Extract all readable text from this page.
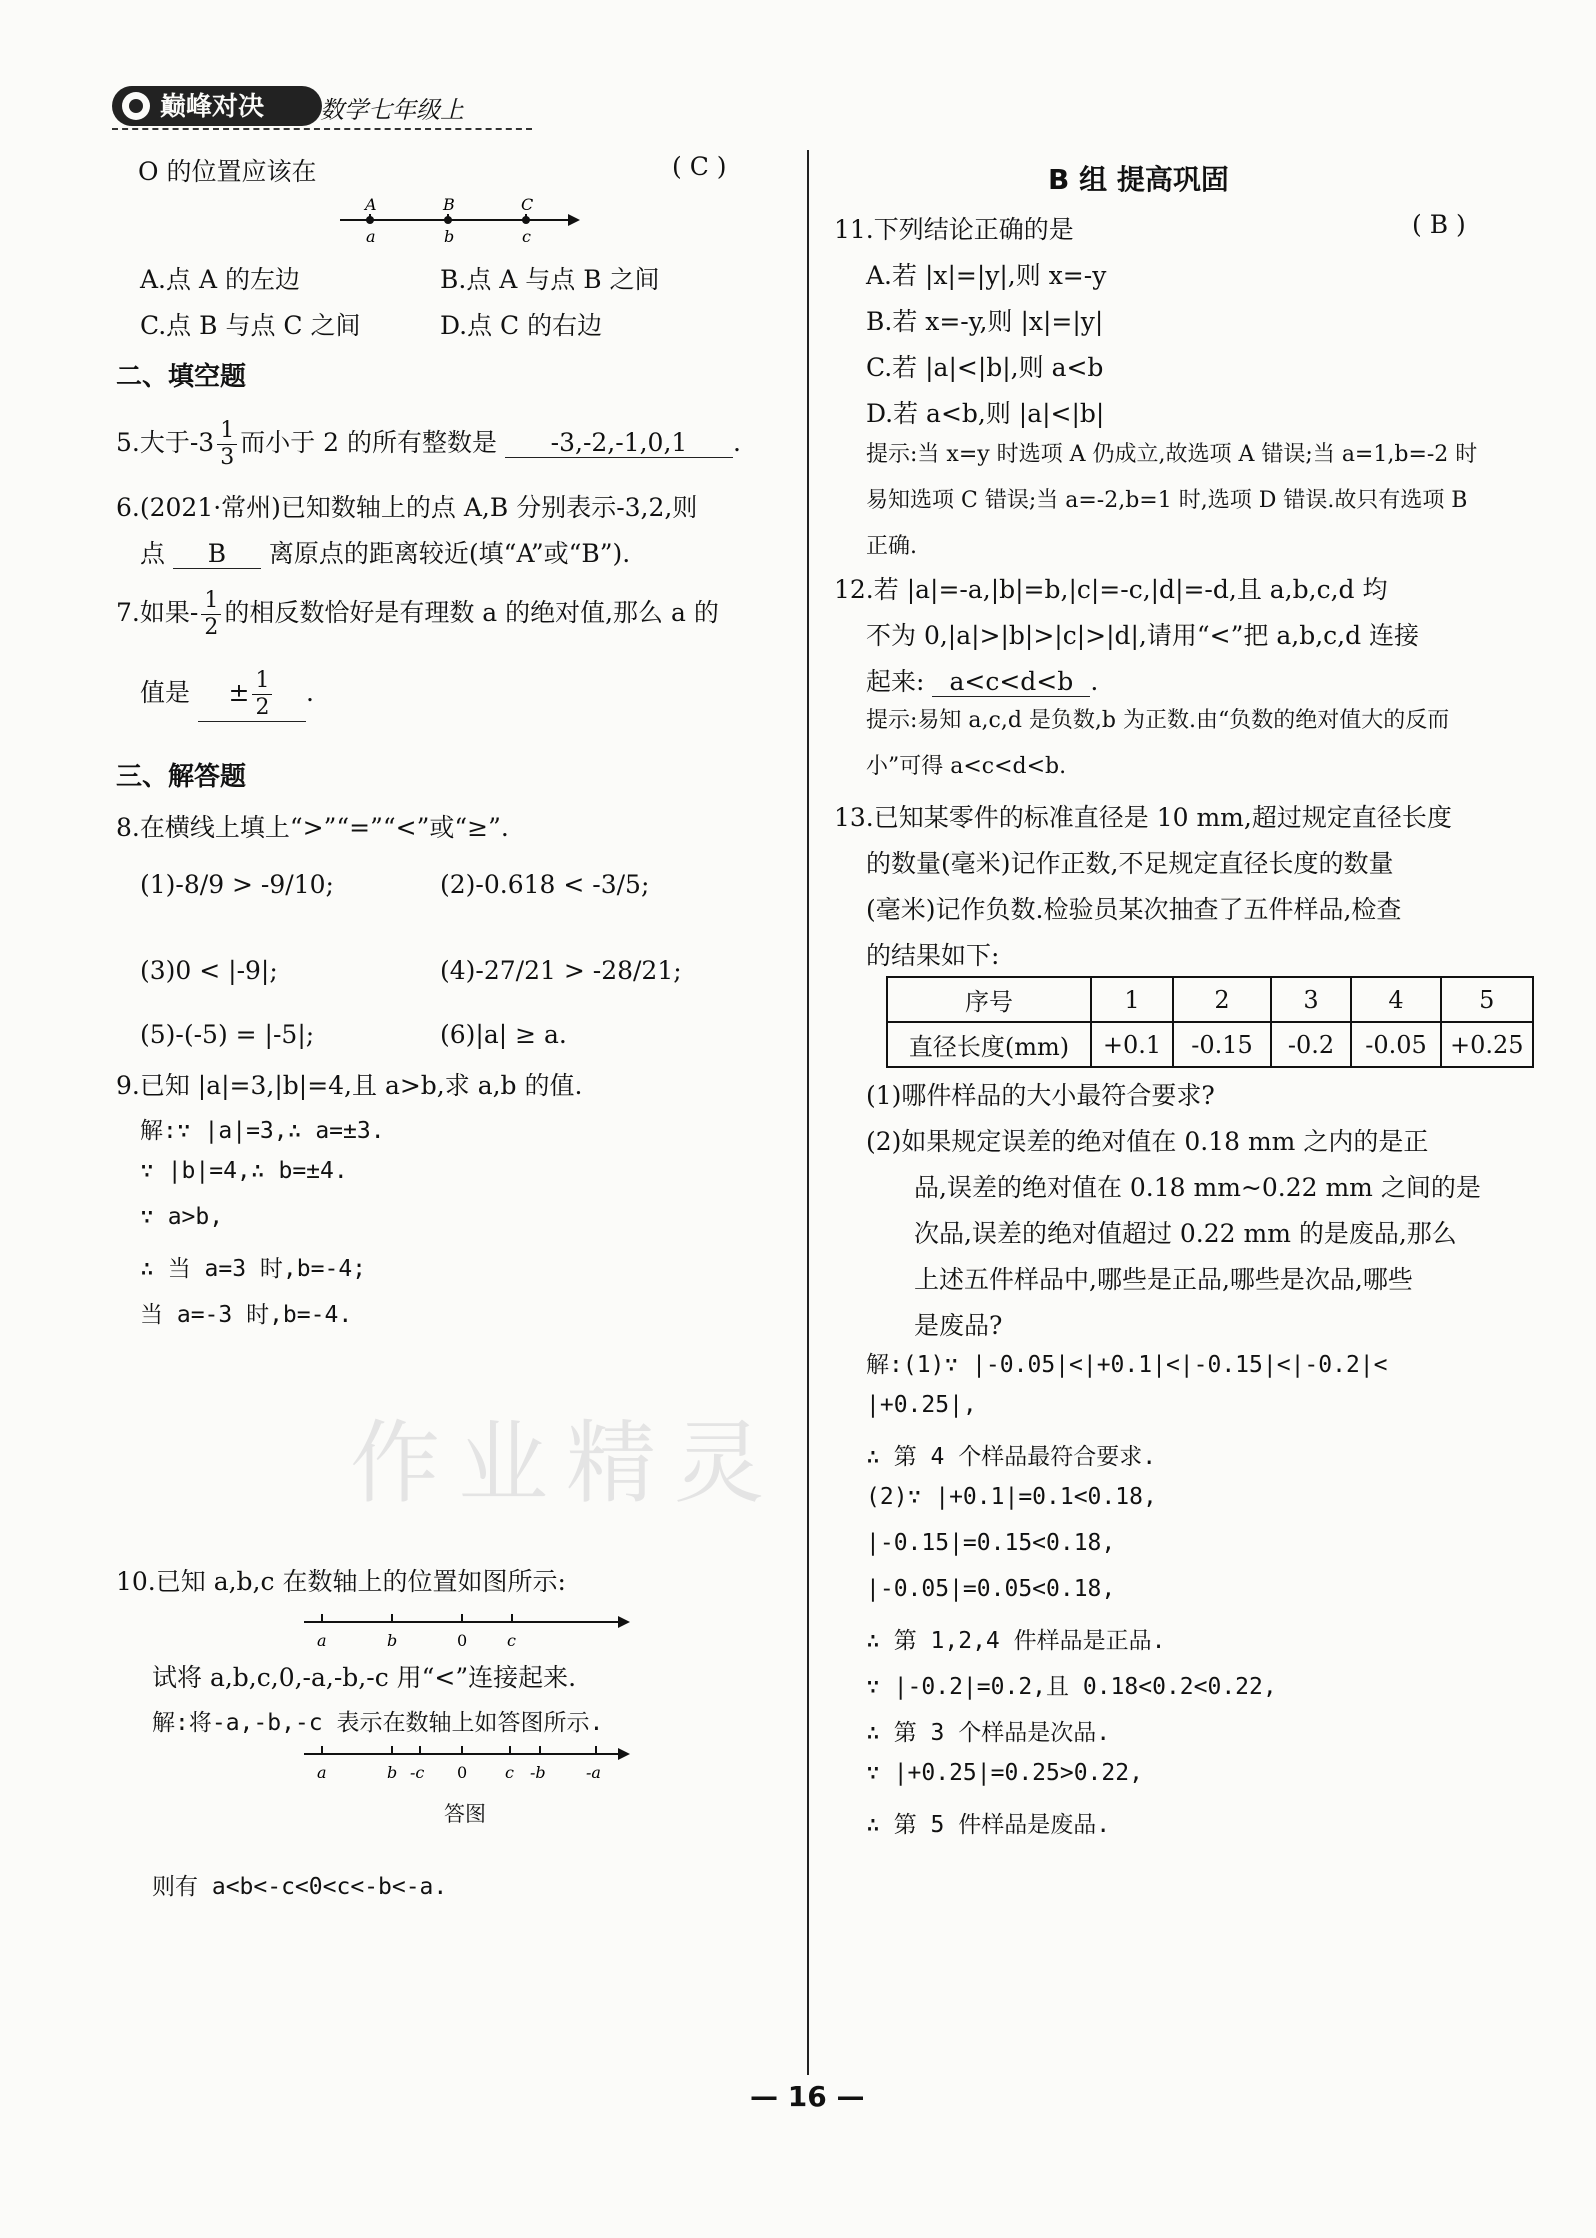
巅峰对决 数学七年级上
作业精灵
O 的位置应该在	( C )
A	B	C
a	b	c
A.点 A 的左边	B.点 A 与点 B 之间
C.点 B 与点 C 之间	D.点 C 的右边
二、填空题
5.大于$-3 \frac{1}{3}$ 而小于 2 的所有整数是 -3,-2,-1,0,1 .
6.(2021·常州)已知数轴上的点 A,B 分别表示-3,2,则
点 B 离原点的距离较近(填“A”或“B”).
7.如果- $\frac{1}{2}$ 的相反数恰好是有理数 a 的绝对值,那么 a 的
值是 ± $\frac{1}{2}$ .
三、解答题
8.在横线上填上“>”“=”“<”或“≥”.
(1)-8/9 > -9/10;	(2)-0.618 < -3/5;
(3)0 < |-9|;	(4)-27/21 > -28/21;
(5)-(-5) = |-5|;	(6)|a| ≥ a.
9.已知 |a|=3,|b|=4,且 a>b,求 a,b 的值.
解:∵ |a|=3,∴ a=±3.
∵ |b|=4,∴ b=±4.
∵ a>b,
∴ 当 a=3 时,b=-4;
当 a=-3 时,b=-4.
10.已知 a,b,c 在数轴上的位置如图所示:
a	b	0 c
试将 a,b,c,0,-a,-b,-c 用“<”连接起来.
解:将-a,-b,-c 表示在数轴上如答图所示.
a	b -c 0 c -b	-a
答图
则有 a<b<-c<0<c<-b<-a.
B 组 提高巩固
11.下列结论正确的是	( B )
A.若 |x|=|y|,则 x=-y
B.若 x=-y,则 |x|=|y|
C.若 |a|<|b|,则 a<b
D.若 a<b,则 |a|<|b|
提示:当 x=y 时选项 A 仍成立,故选项 A 错误;当 a=1,b=-2 时易知选项 C 错误;当 a=-2,b=1 时,选项 D 错误.故只有选项 B 正确.
12.若 |a|=-a,|b|=b,|c|=-c,|d|=-d,且 a,b,c,d 均
不为 0,|a|>|b|>|c|>|d|,请用“<”把 a,b,c,d 连接
起来: a<c<d<b .
提示:易知 a,c,d 是负数,b 为正数.由“负数的绝对值大的反而小”可得 a<c<d<b.
13.已知某零件的标准直径是 10 mm,超过规定直径长度
的数量(毫米)记作正数,不足规定直径长度的数量
(毫米)记作负数.检验员某次抽查了五件样品,检查
的结果如下:
序号	1	2	3	4	5
直径长度(mm)	+0.1	-0.15	-0.2	-0.05	+0.25
(1)哪件样品的大小最符合要求?
(2)如果规定误差的绝对值在 0.18 mm 之内的是正
品,误差的绝对值在 0.18 mm~0.22 mm 之间的是
次品,误差的绝对值超过 0.22 mm 的是废品,那么
上述五件样品中,哪些是正品,哪些是次品,哪些
是废品?
解:(1)∵ |-0.05|<|+0.1|<|-0.15|<|-0.2|<
|+0.25|,
∴ 第 4 个样品最符合要求.
(2)∵ |+0.1|=0.1<0.18,
|-0.15|=0.15<0.18,
|-0.05|=0.05<0.18,
∴ 第 1,2,4 件样品是正品.
∵ |-0.2|=0.2,且 0.18<0.2<0.22,
∴ 第 3 个样品是次品.
∵ |+0.25|=0.25>0.22,
∴ 第 5 件样品是废品.
— 16 —
